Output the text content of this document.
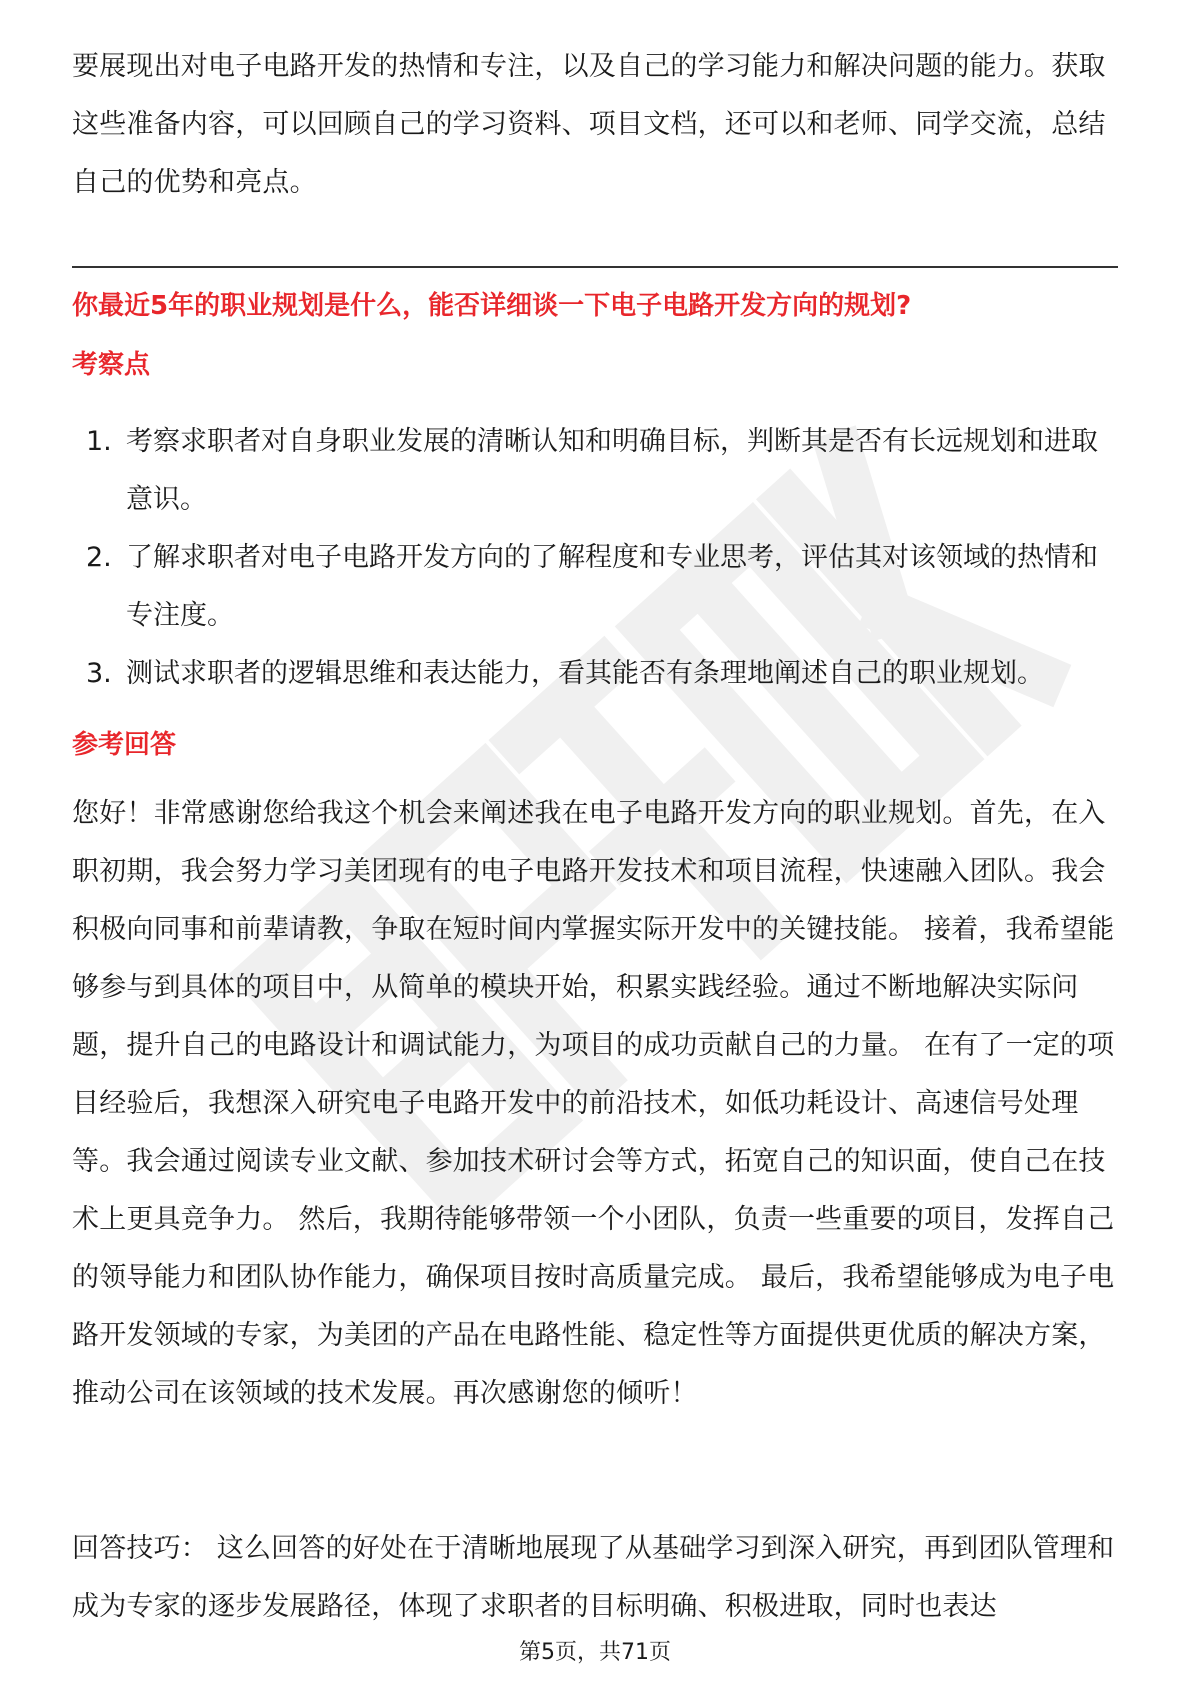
要展现出对电子电路开发的热情和专注，以及自己的学习能力和解决问题的能力。获取这些准备内容，可以回顾自己的学习资料、项目文档，还可以和老师、同学交流，总结自己的优势和亮点。

你最近5年的职业规划是什么，能否详细谈一下电子电路开发方向的规划?

考察点

1. 考察求职者对自身职业发展的清晰认知和明确目标，判断其是否有长远规划和进取意识。
2. 了解求职者对电子电路开发方向的了解程度和专业思考，评估其对该领域的热情和专注度。
3. 测试求职者的逻辑思维和表达能力，看其能否有条理地阐述自己的职业规划。

参考回答

您好！非常感谢您给我这个机会来阐述我在电子电路开发方向的职业规划。首先，在入职初期，我会努力学习美团现有的电子电路开发技术和项目流程，快速融入团队。我会积极向同事和前辈请教，争取在短时间内掌握实际开发中的关键技能。 接着，我希望能够参与到具体的项目中，从简单的模块开始，积累实践经验。通过不断地解决实际问题，提升自己的电路设计和调试能力，为项目的成功贡献自己的力量。 在有了一定的项目经验后，我想深入研究电子电路开发中的前沿技术，如低功耗设计、高速信号处理等。我会通过阅读专业文献、参加技术研讨会等方式，拓宽自己的知识面，使自己在技术上更具竞争力。 然后，我期待能够带领一个小团队，负责一些重要的项目，发挥自己的领导能力和团队协作能力，确保项目按时高质量完成。 最后，我希望能够成为电子电路开发领域的专家，为美团的产品在电路性能、稳定性等方面提供更优质的解决方案，推动公司在该领域的技术发展。再次感谢您的倾听！

回答技巧： 这么回答的好处在于清晰地展现了从基础学习到深入研究，再到团队管理和成为专家的逐步发展路径，体现了求职者的目标明确、积极进取，同时也表达

第5页，共71页
